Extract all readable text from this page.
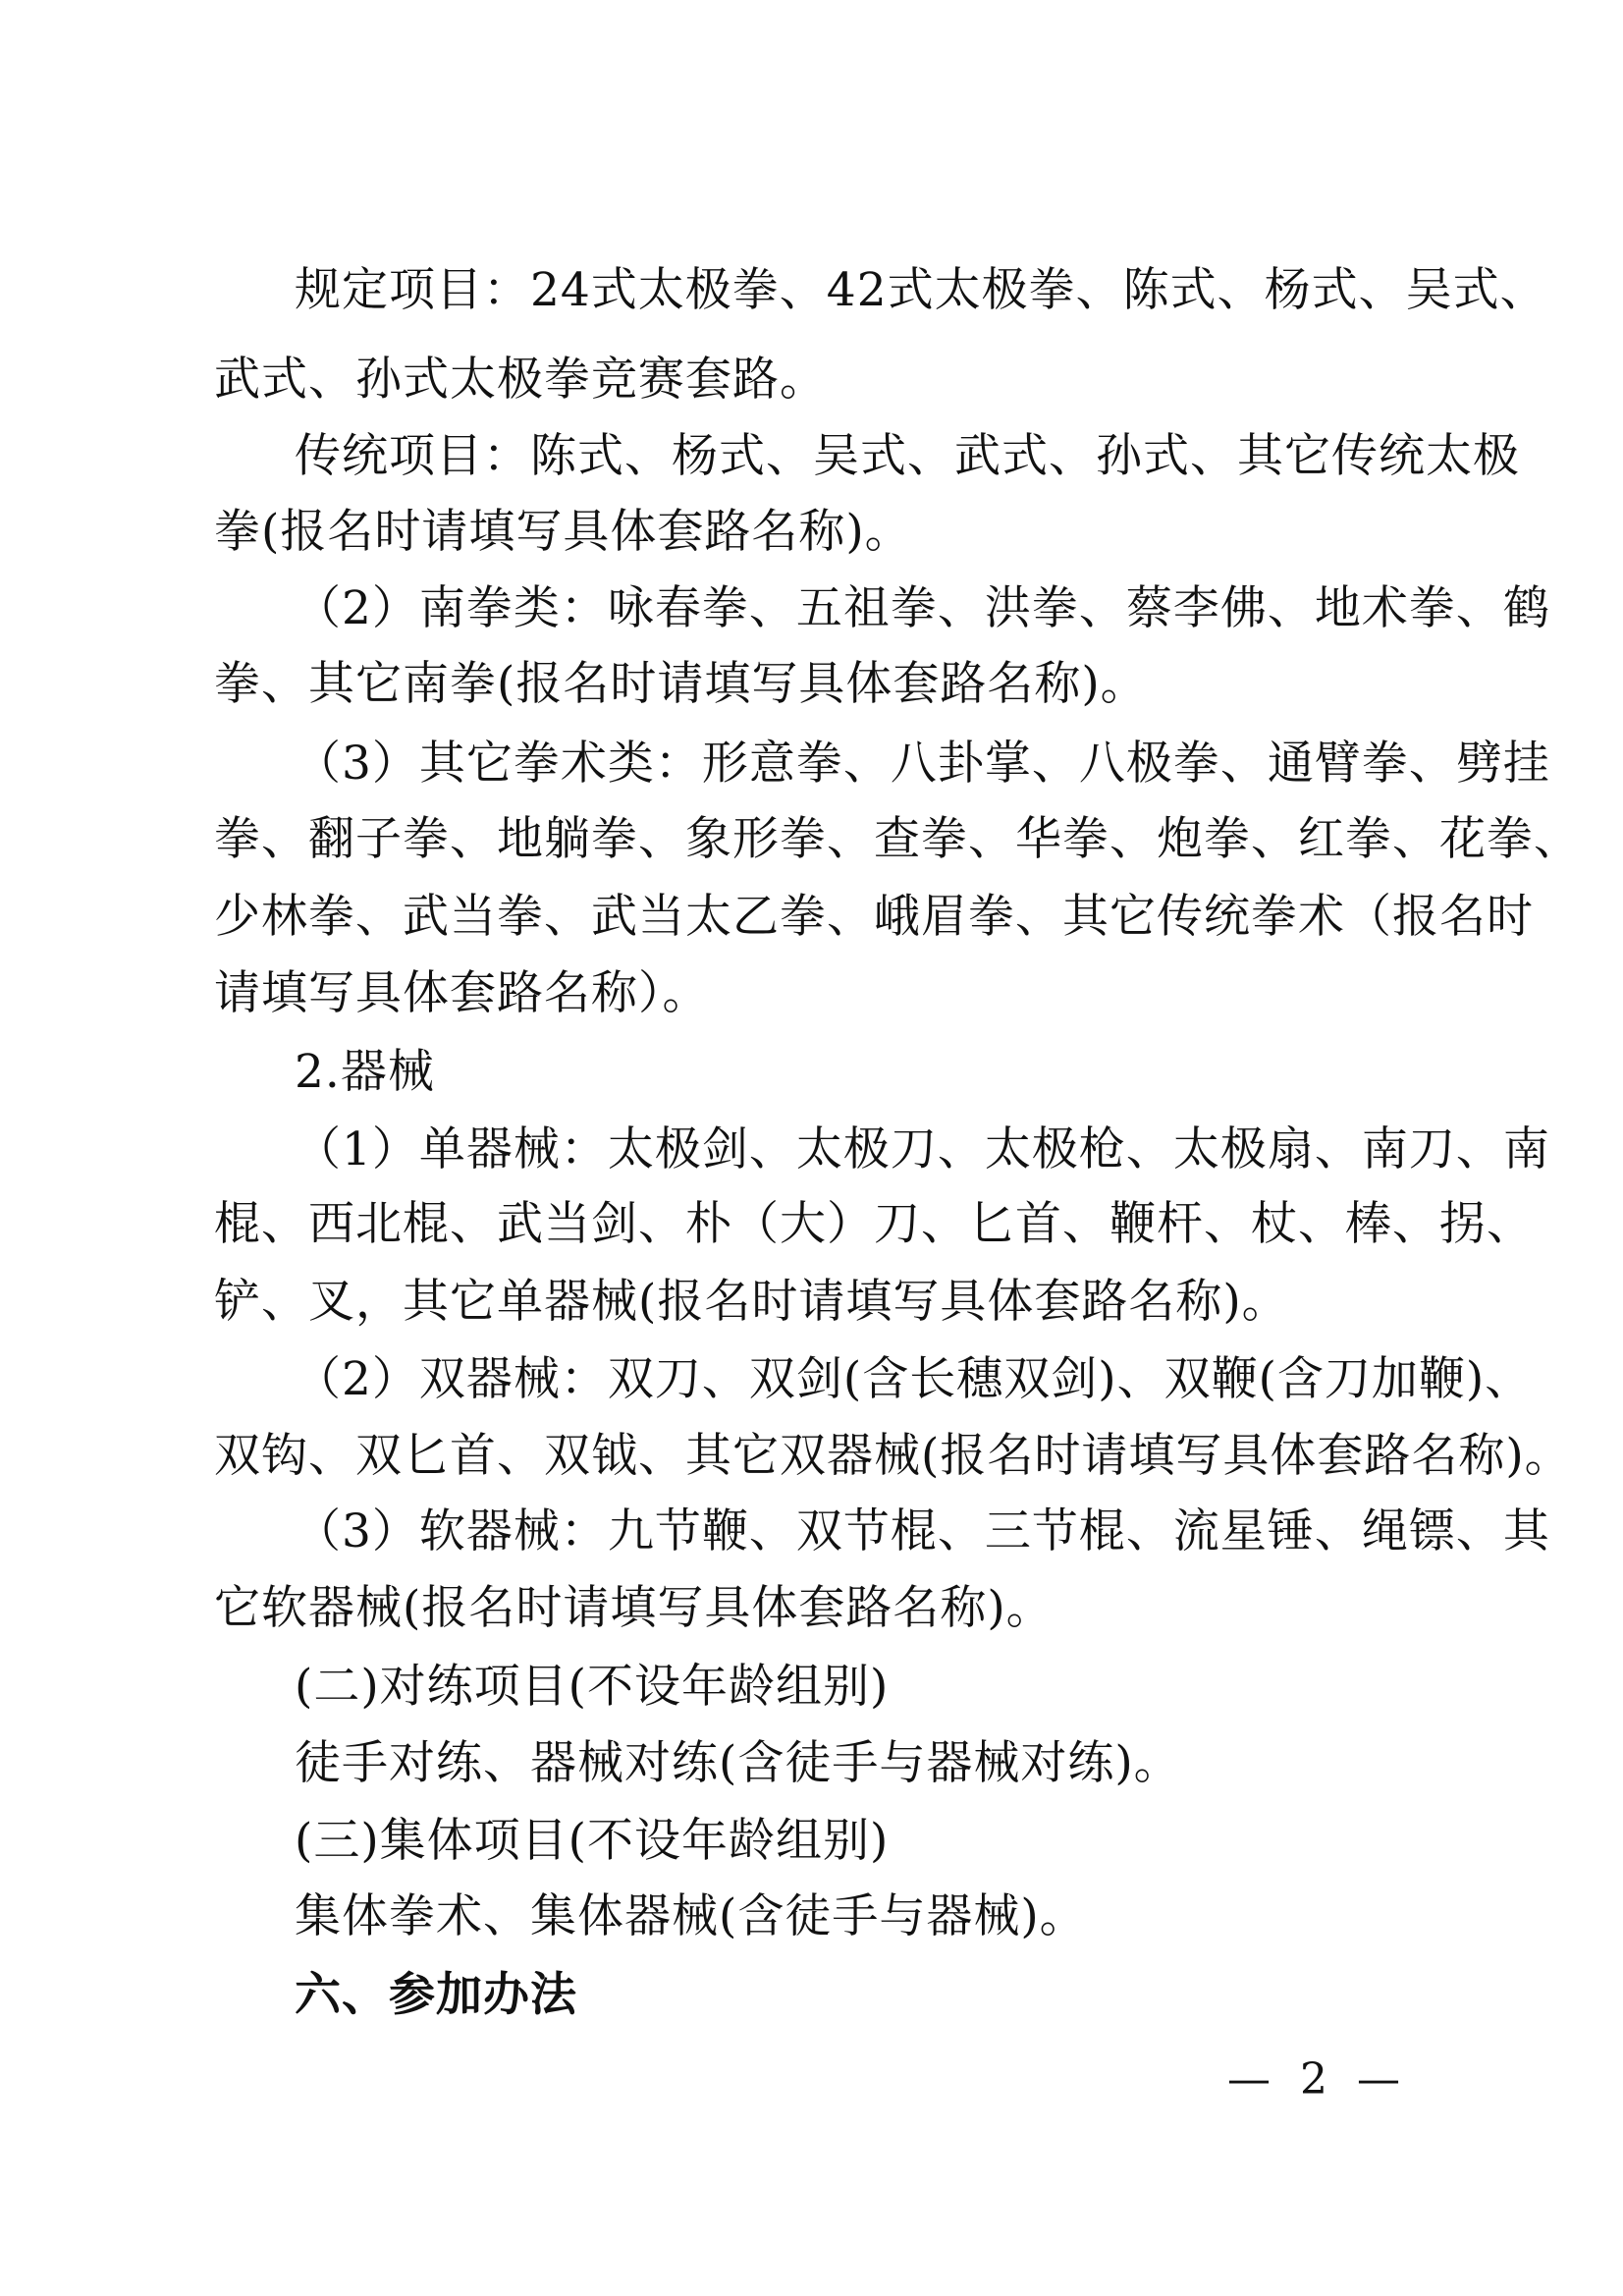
规定项目：24式太极拳、42式太极拳、陈式、杨式、吴式、
武式、孙式太极拳竞赛套路。
传统项目：陈式、杨式、吴式、武式、孙式、其它传统太极
拳(报名时请填写具体套路名称)。
（2）南拳类：咏春拳、五祖拳、洪拳、蔡李佛、地术拳、鹤
拳、其它南拳(报名时请填写具体套路名称)。
（3）其它拳术类：形意拳、八卦掌、八极拳、通臂拳、劈挂
拳、翻子拳、地躺拳、象形拳、查拳、华拳、炮拳、红拳、花拳、
少林拳、武当拳、武当太乙拳、峨眉拳、其它传统拳术（报名时
请填写具体套路名称）。
2.器械
（1）单器械：太极剑、太极刀、太极枪、太极扇、南刀、南
棍、西北棍、武当剑、朴（大）刀、匕首、鞭杆、杖、棒、拐、
铲、叉，其它单器械(报名时请填写具体套路名称)。
（2）双器械：双刀、双剑(含长穗双剑)、双鞭(含刀加鞭)、
双钩、双匕首、双钺、其它双器械(报名时请填写具体套路名称)。
（3）软器械：九节鞭、双节棍、三节棍、流星锤、绳镖、其
它软器械(报名时请填写具体套路名称)。
(二)对练项目(不设年龄组别)
徒手对练、器械对练(含徒手与器械对练)。
(三)集体项目(不设年龄组别)
集体拳术、集体器械(含徒手与器械)。
六、参加办法
— 2 —
